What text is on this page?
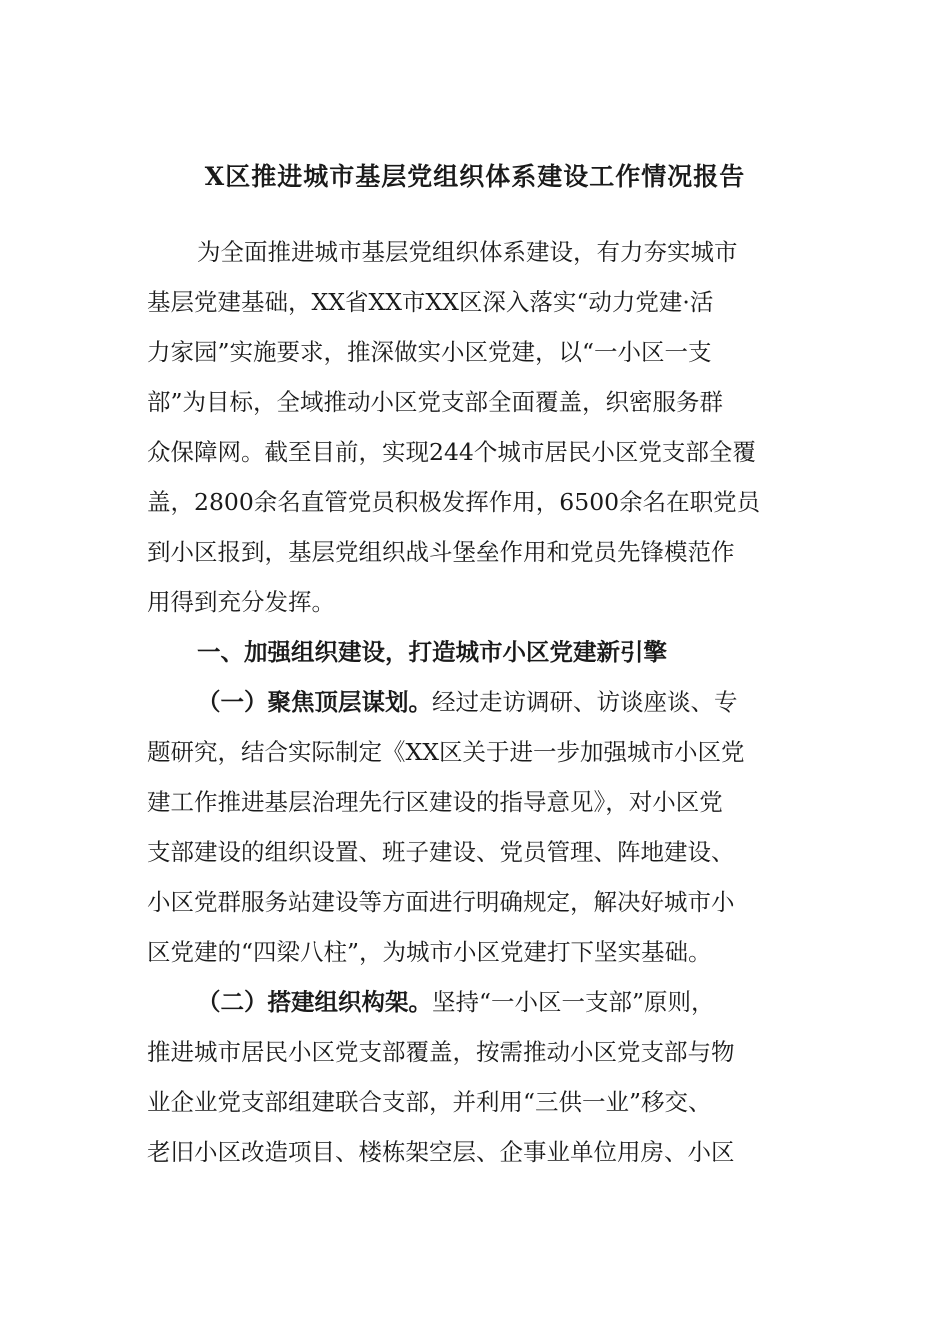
X区推进城市基层党组织体系建设工作情况报告
为全面推进城市基层党组织体系建设，有力夯实城市
基层党建基础，XX省XX市XX区深入落实“动力党建·活
力家园”实施要求，推深做实小区党建，以“一小区一支
部”为目标，全域推动小区党支部全面覆盖，织密服务群
众保障网。截至目前，实现244个城市居民小区党支部全覆
盖，2800余名直管党员积极发挥作用，6500余名在职党员
到小区报到，基层党组织战斗堡垒作用和党员先锋模范作
用得到充分发挥。
一、加强组织建设，打造城市小区党建新引擎
（一）聚焦顶层谋划。经过走访调研、访谈座谈、专
题研究，结合实际制定《XX区关于进一步加强城市小区党
建工作推进基层治理先行区建设的指导意见》，对小区党
支部建设的组织设置、班子建设、党员管理、阵地建设、
小区党群服务站建设等方面进行明确规定，解决好城市小
区党建的“四梁八柱”，为城市小区党建打下坚实基础。
（二）搭建组织构架。坚持“一小区一支部”原则，
推进城市居民小区党支部覆盖，按需推动小区党支部与物
业企业党支部组建联合支部，并利用“三供一业”移交、
老旧小区改造项目、楼栋架空层、企事业单位用房、小区
